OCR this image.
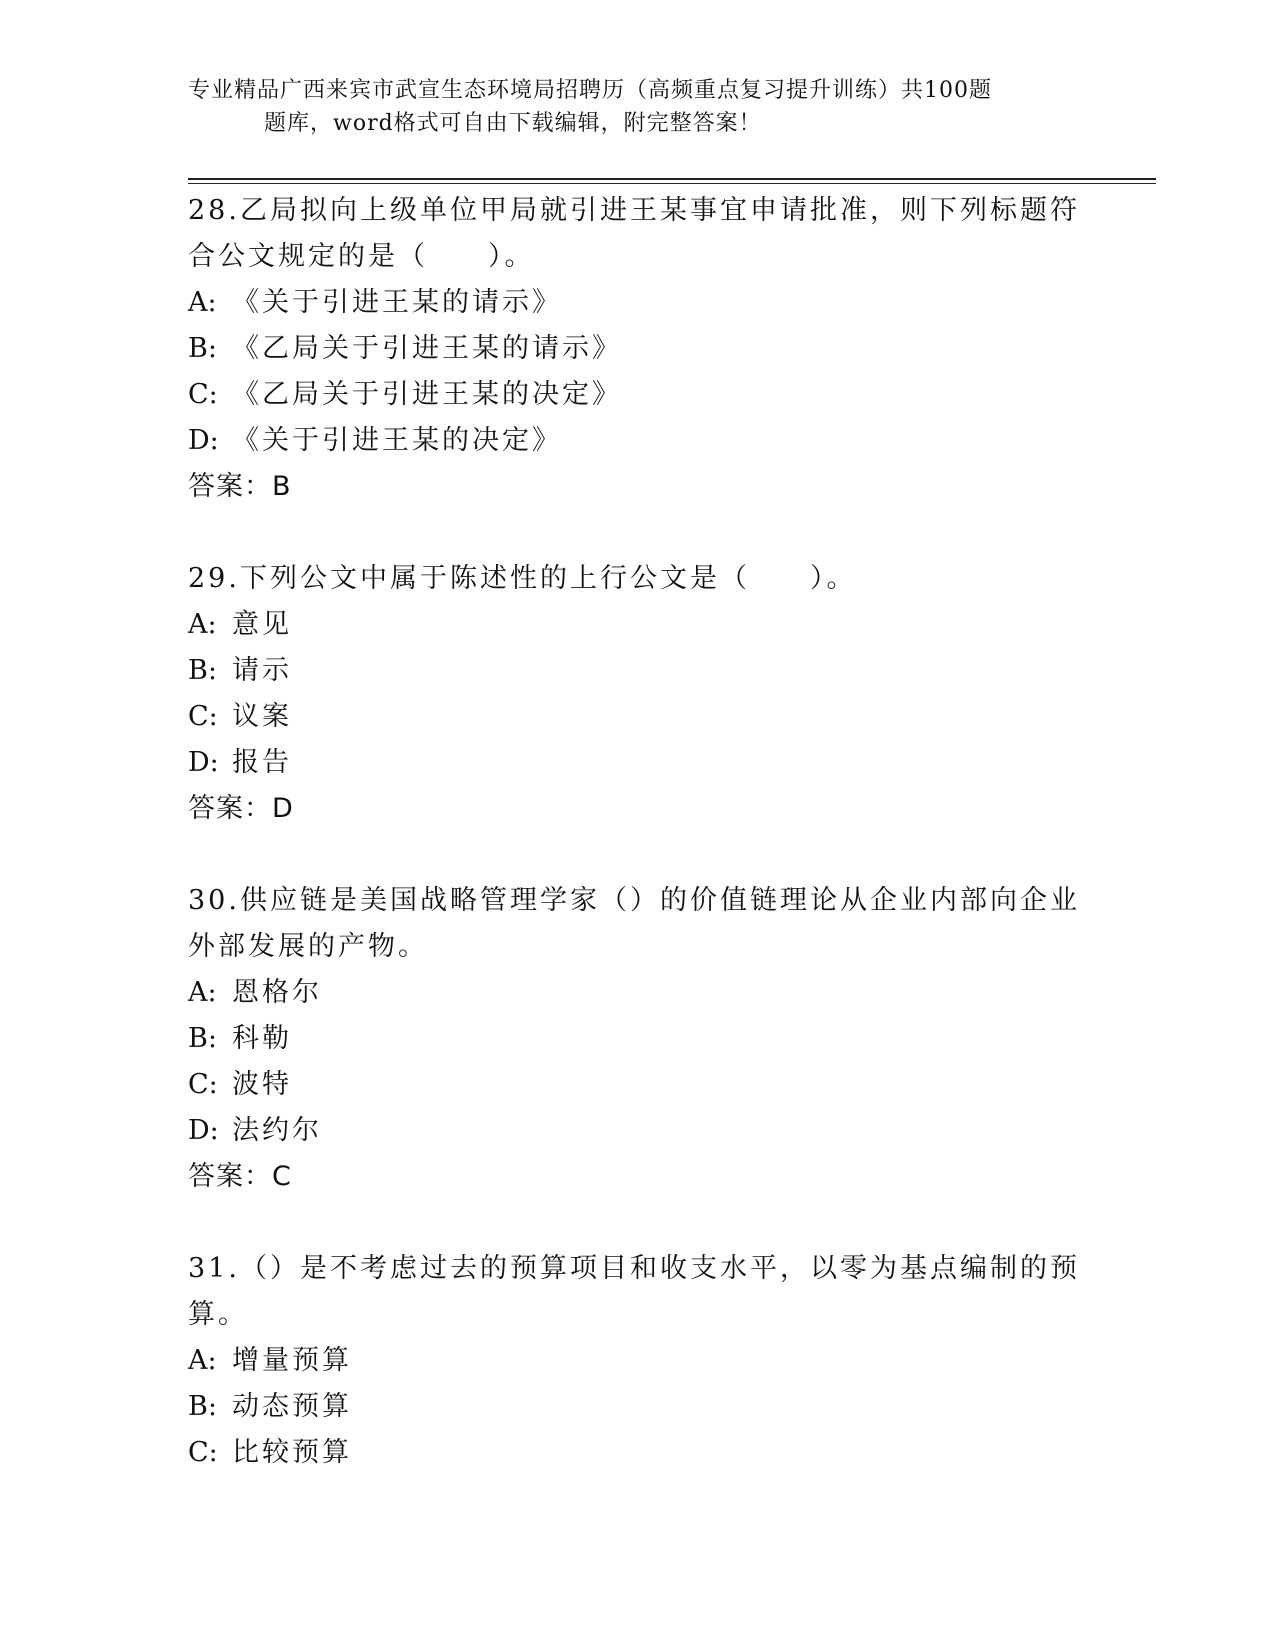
专业精品广西来宾市武宣生态环境局招聘历（高频重点复习提升训练）共100题
题库，word格式可自由下载编辑，附完整答案！
28.乙局拟向上级单位甲局就引进王某事宜申请批准，则下列标题符合公文规定的是（　　）。
A: 《关于引进王某的请示》
B: 《乙局关于引进王某的请示》
C: 《乙局关于引进王某的决定》
D: 《关于引进王某的决定》
答案：B
29.下列公文中属于陈述性的上行公文是（　　）。
A: 意见
B: 请示
C: 议案
D: 报告
答案：D
30.供应链是美国战略管理学家（）的价值链理论从企业内部向企业外部发展的产物。
A: 恩格尔
B: 科勒
C: 波特
D: 法约尔
答案：C
31.（）是不考虑过去的预算项目和收支水平，以零为基点编制的预算。
A: 增量预算
B: 动态预算
C: 比较预算
